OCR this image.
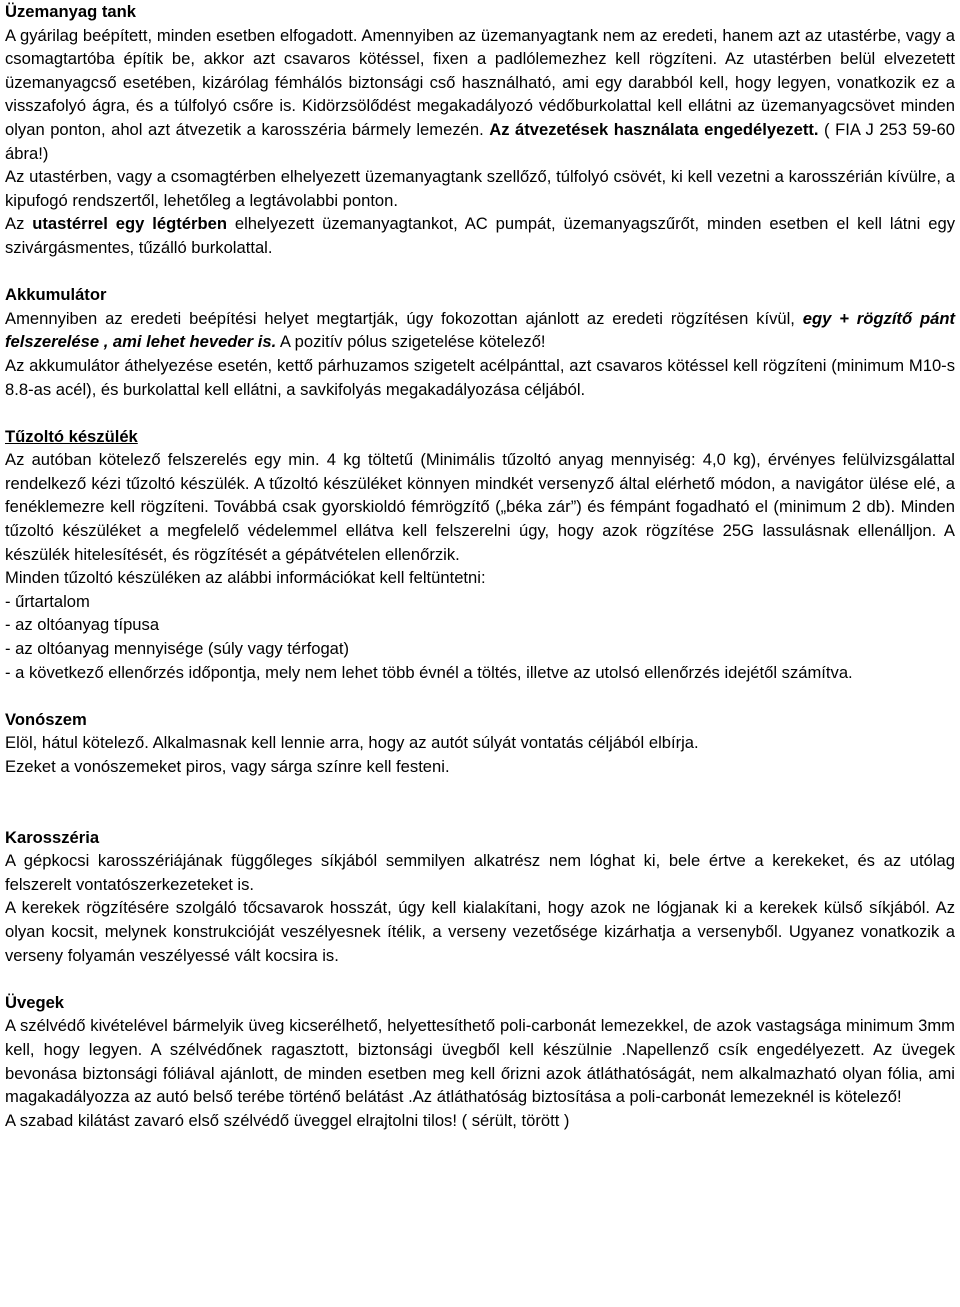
Üzemanyag tank

A gyárilag beépített, minden esetben elfogadott. Amennyiben az üzemanyagtank nem az eredeti, hanem azt az utastérbe, vagy a csomagtartóba építik be, akkor azt csavaros kötéssel, fixen a padlólemezhez kell rögzíteni. Az utastérben belül elvezetett üzemanyagcső esetében, kizárólag fémhálós biztonsági cső használható, ami egy darabból kell, hogy legyen, vonatkozik ez a visszafolyó ágra, és a túlfolyó csőre is. Kidörzsölődést megakadályozó védőburkolattal kell ellátni az üzemanyagcsövet minden olyan ponton, ahol azt átvezetik a karosszéria bármely lemezén. Az átvezetések használata engedélyezett. ( FIA J 253 59-60 ábra!)

Az utastérben, vagy a csomagtérben elhelyezett üzemanyagtank szellőző, túlfolyó csövét, ki kell vezetni a karosszérián kívülre, a kipufogó rendszertől, lehetőleg a legtávolabbi ponton.

Az utastérrel egy légtérben elhelyezett üzemanyagtankot, AC pumpát, üzemanyagszűrőt, minden esetben el kell látni egy szivárgásmentes, tűzálló burkolattal.

Akkumulátor

Amennyiben az eredeti beépítési helyet megtartják, úgy fokozottan ajánlott az eredeti rögzítésen kívül, egy + rögzítő pánt felszerelése , ami lehet heveder is. A pozitív pólus szigetelése kötelező!

Az akkumulátor áthelyezése esetén, kettő párhuzamos szigetelt acélpánttal, azt csavaros kötéssel kell rögzíteni (minimum M10-s 8.8-as acél), és burkolattal kell ellátni, a savkifolyás megakadályozása céljából.

Tűzoltó készülék

Az autóban kötelező felszerelés egy min. 4 kg töltetű (Minimális tűzoltó anyag mennyiség: 4,0 kg), érvényes felülvizsgálattal rendelkező kézi tűzoltó készülék. A tűzoltó készüléket könnyen mindkét versenyző által elérhető módon, a navigátor ülése elé, a fenéklemezre kell rögzíteni. Továbbá csak gyorskioldó fémrögzítő („béka zár”) és fémpánt fogadható el (minimum 2 db). Minden tűzoltó készüléket a megfelelő védelemmel ellátva kell felszerelni úgy, hogy azok rögzítése 25G lassulásnak ellenálljon. A készülék hitelesítését, és rögzítését a gépátvételen ellenőrzik.

Minden tűzoltó készüléken az alábbi információkat kell feltüntetni:

- űrtartalom

- az oltóanyag típusa

- az oltóanyag mennyisége (súly vagy térfogat)

- a következő ellenőrzés időpontja, mely nem lehet több évnél a töltés, illetve az utolsó ellenőrzés idejétől számítva.

Vonószem

Elöl, hátul kötelező. Alkalmasnak kell lennie arra, hogy az autót súlyát vontatás céljából elbírja.

Ezeket a vonószemeket piros, vagy sárga színre kell festeni.

Karosszéria

A gépkocsi karosszériájának függőleges síkjából semmilyen alkatrész nem lóghat ki, bele értve a kerekeket, és az utólag felszerelt vontatószerkezeteket is.

A kerekek rögzítésére szolgáló tőcsavarok hosszát, úgy kell kialakítani, hogy azok ne lógjanak ki a kerekek külső síkjából. Az olyan kocsit, melynek konstrukcióját veszélyesnek ítélik, a verseny vezetősége kizárhatja a versenyből. Ugyanez vonatkozik a verseny folyamán veszélyessé vált kocsira is.

Üvegek

A szélvédő kivételével bármelyik üveg kicserélhető, helyettesíthető poli-carbonát lemezekkel, de azok vastagsága minimum 3mm kell, hogy legyen. A szélvédőnek ragasztott, biztonsági üvegből kell készülnie .Napellenző csík engedélyezett. Az üvegek bevonása biztonsági fóliával ajánlott, de minden esetben meg kell őrizni azok átláthatóságát, nem alkalmazható olyan fólia, ami magakadályozza az autó belső terébe történő belátást .Az átláthatóság biztosítása a poli-carbonát lemezeknél is kötelező!

A szabad kilátást zavaró első szélvédő üveggel elrajtolni tilos! ( sérült, törött )
